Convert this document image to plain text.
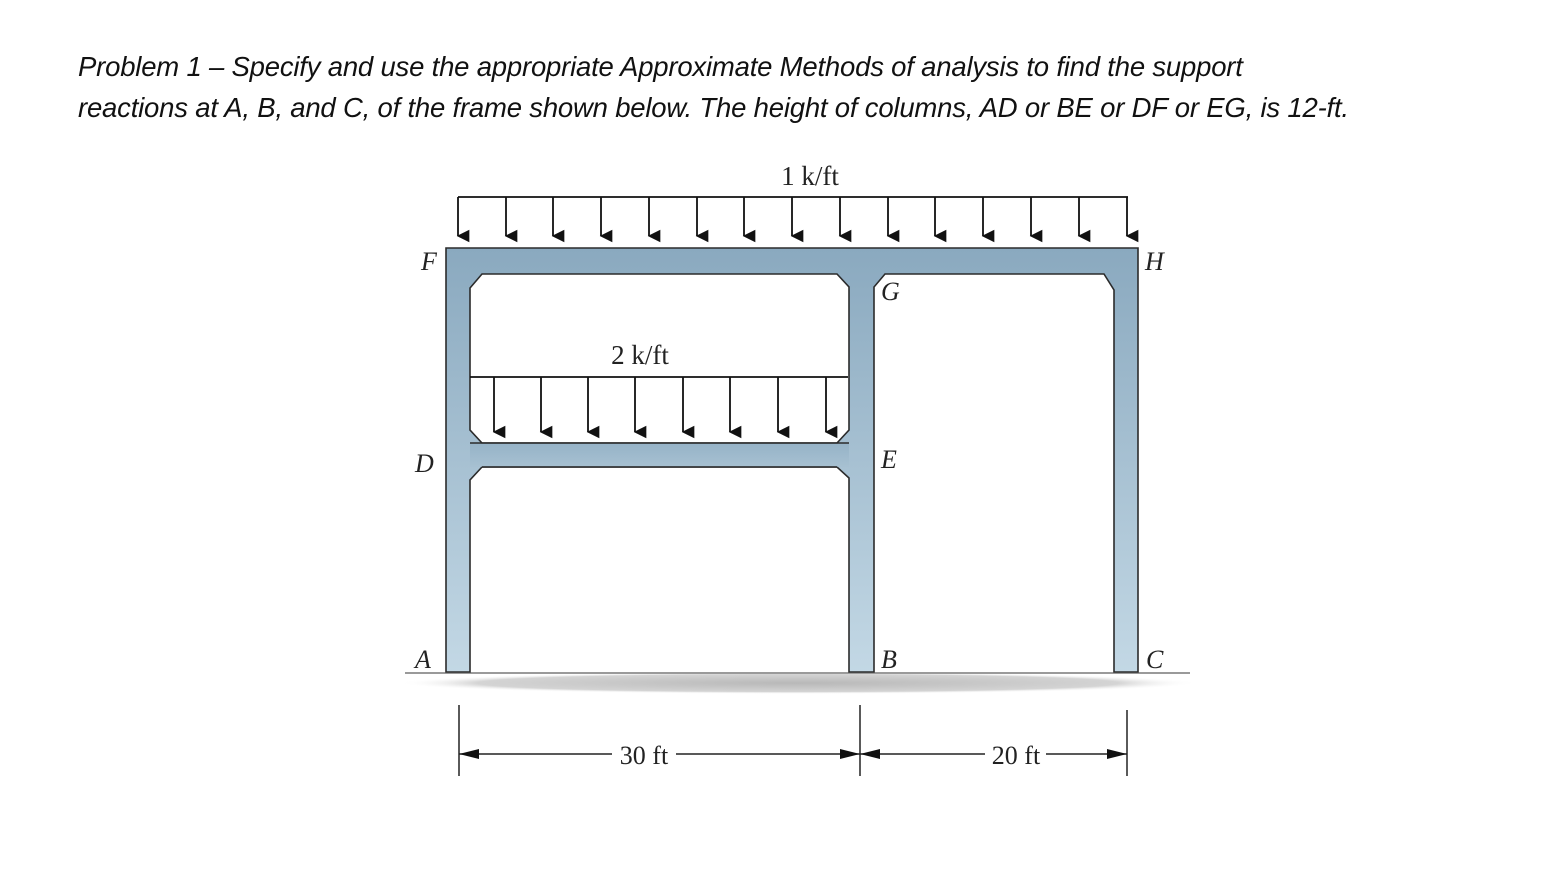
Problem 1 – Specify and use the appropriate Approximate Methods of analysis to find the support
reactions at A, B, and C, of the frame shown below. The height of columns, AD or BE or DF or EG, is 12-ft.
1 k/ft
2 k/ft
F
G
H
D	E
A	B	C
30 ft	20 ft
